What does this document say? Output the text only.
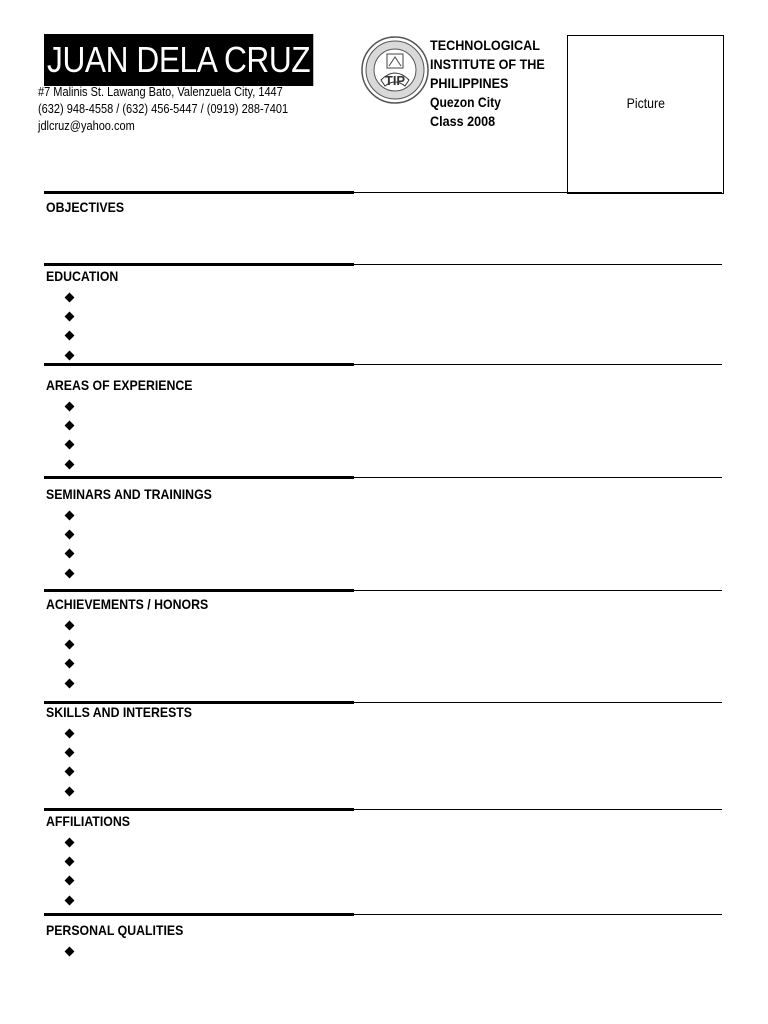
JUAN DELA CRUZ
#7 Malinis St. Lawang Bato, Valenzuela City, 1447
(632) 948-4558 / (632) 456-5447 / (0919) 288-7401
jdlcruz@yahoo.com
TIP
TECHNOLOGICAL
INSTITUTE OF THE
PHILIPPINES
Quezon City
Class 2008
Picture
OBJECTIVES
EDUCATION
AREAS OF EXPERIENCE
SEMINARS AND TRAININGS
ACHIEVEMENTS / HONORS
SKILLS AND INTERESTS
AFFILIATIONS
PERSONAL QUALITIES
